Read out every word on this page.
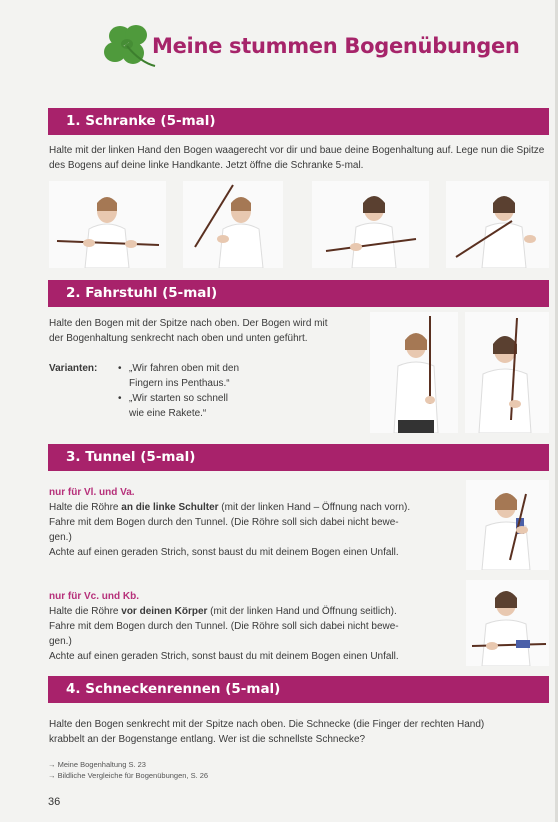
Meine stummen Bogenübungen
1. Schranke (5-mal)
Halte mit der linken Hand den Bogen waagerecht vor dir und baue deine Bogenhaltung auf. Lege nun die Spitze des Bogens auf deine linke Handkante. Jetzt öffne die Schranke 5-mal.
2. Fahrstuhl (5-mal)
Halte den Bogen mit der Spitze nach oben. Der Bogen wird mit
der Bogenhaltung senkrecht nach oben und unten geführt.
Varianten: • „Wir fahren oben mit den
Fingern ins Penthaus.“
• „Wir starten so schnell
wie eine Rakete.“
3. Tunnel (5-mal)
nur für Vl. und Va.
Halte die Röhre an die linke Schulter (mit der linken Hand – Öffnung nach vorn).
Fahre mit dem Bogen durch den Tunnel. (Die Röhre soll sich dabei nicht bewe-
gen.)
Achte auf einen geraden Strich, sonst baust du mit deinem Bogen einen Unfall.
nur für Vc. und Kb.
Halte die Röhre vor deinen Körper (mit der linken Hand und Öffnung seitlich).
Fahre mit dem Bogen durch den Tunnel. (Die Röhre soll sich dabei nicht bewe-
gen.)
Achte auf einen geraden Strich, sonst baust du mit deinem Bogen einen Unfall.
4. Schneckenrennen (5-mal)
Halte den Bogen senkrecht mit der Spitze nach oben. Die Schnecke (die Finger der rechten Hand)
krabbelt an der Bogenstange entlang. Wer ist die schnellste Schnecke?
→ Meine Bogenhaltung S. 23
→ Bildliche Vergleiche für Bogenübungen, S. 26
36
